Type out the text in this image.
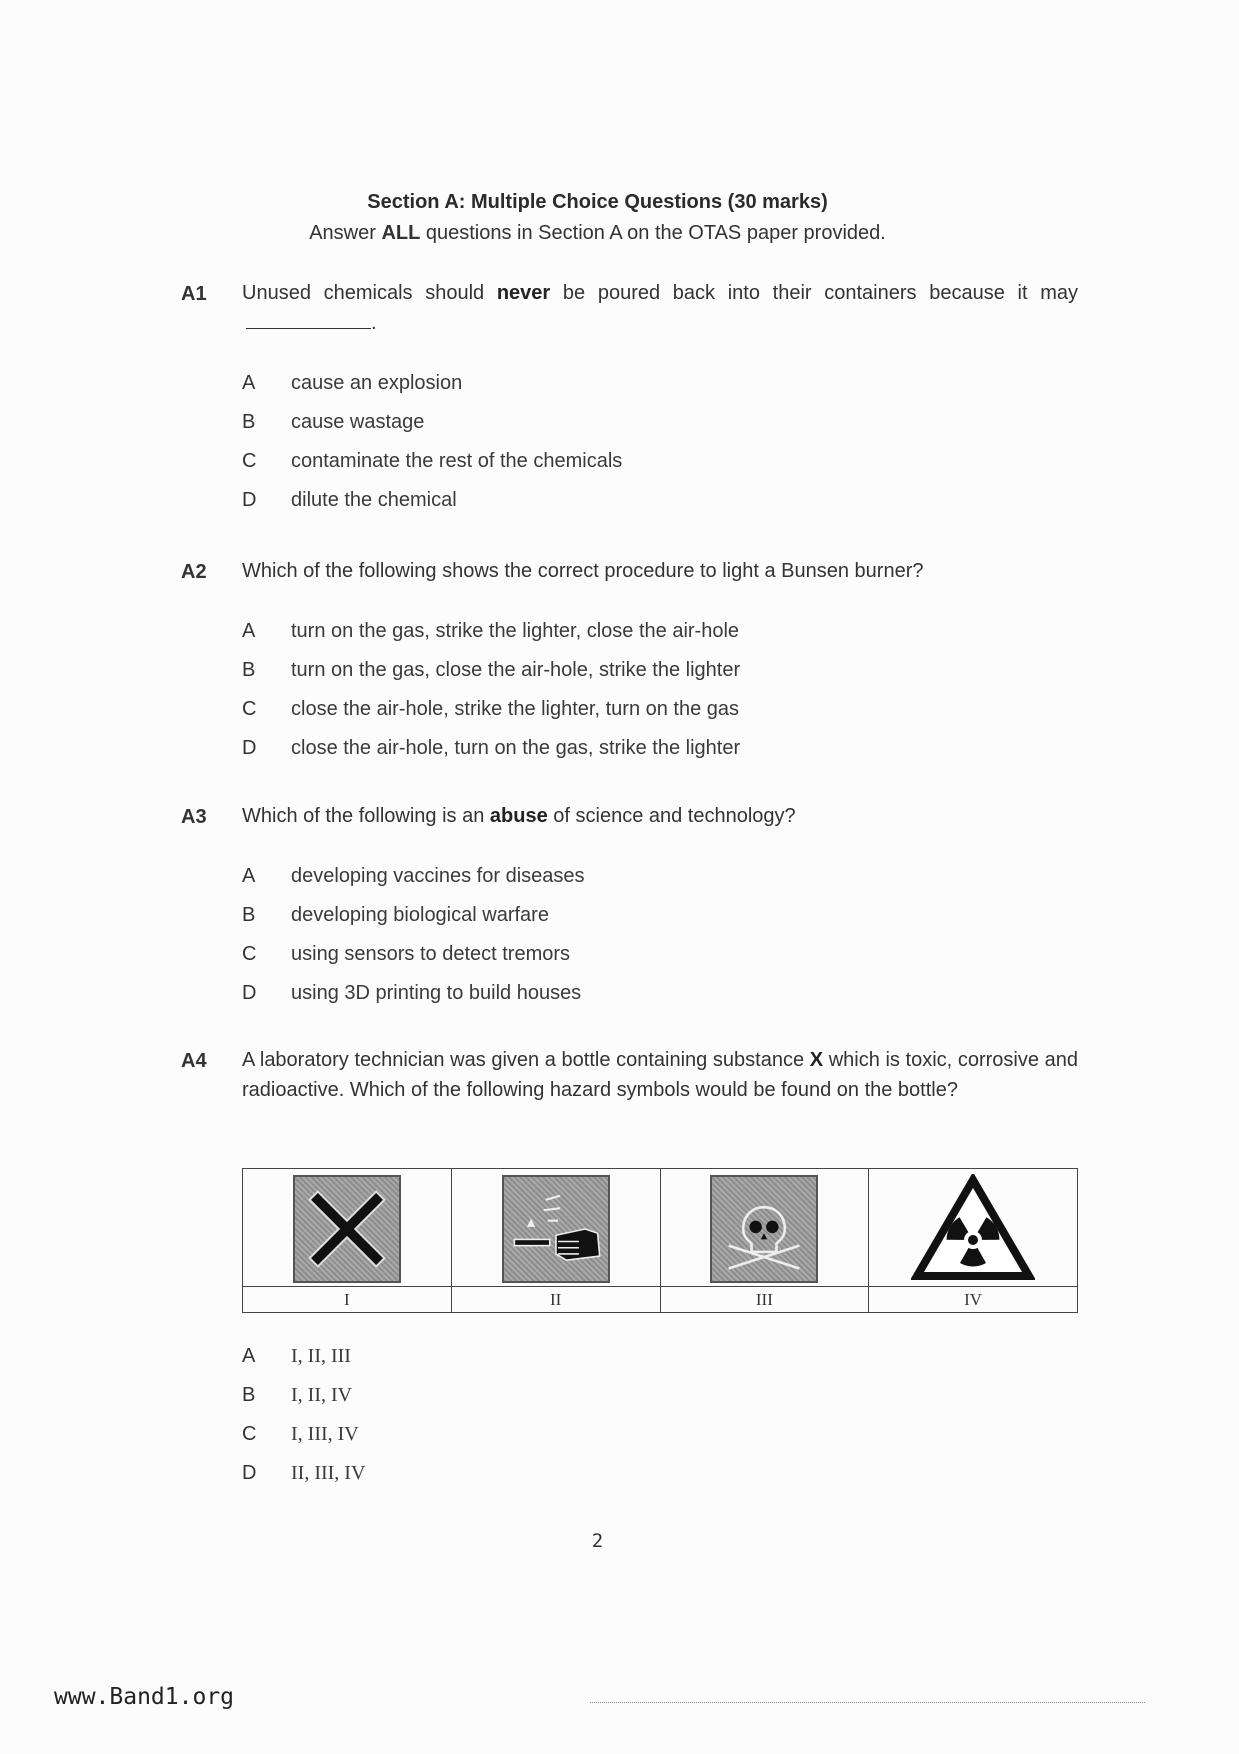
Section A: Multiple Choice Questions (30 marks)
Answer ALL questions in Section A on the OTAS paper provided.
A1 Unused chemicals should never be poured back into their containers because it may.
A cause an explosion
B cause wastage
C contaminate the rest of the chemicals
D dilute the chemical
A2 Which of the following shows the correct procedure to light a Bunsen burner?
A turn on the gas, strike the lighter, close the air-hole
B turn on the gas, close the air-hole, strike the lighter
C close the air-hole, strike the lighter, turn on the gas
D close the air-hole, turn on the gas, strike the lighter
A3 Which of the following is an abuse of science and technology?
A developing vaccines for diseases
B developing biological warfare
C using sensors to detect tremors
D using 3D printing to build houses
A4 A laboratory technician was given a bottle containing substance X which is toxic, corrosive and radioactive. Which of the following hazard symbols would be found on the bottle?

I	II	III	IV
A I, II, III
B I, II, IV
C I, III, IV
D II, III, IV
2
www.Band1.org
